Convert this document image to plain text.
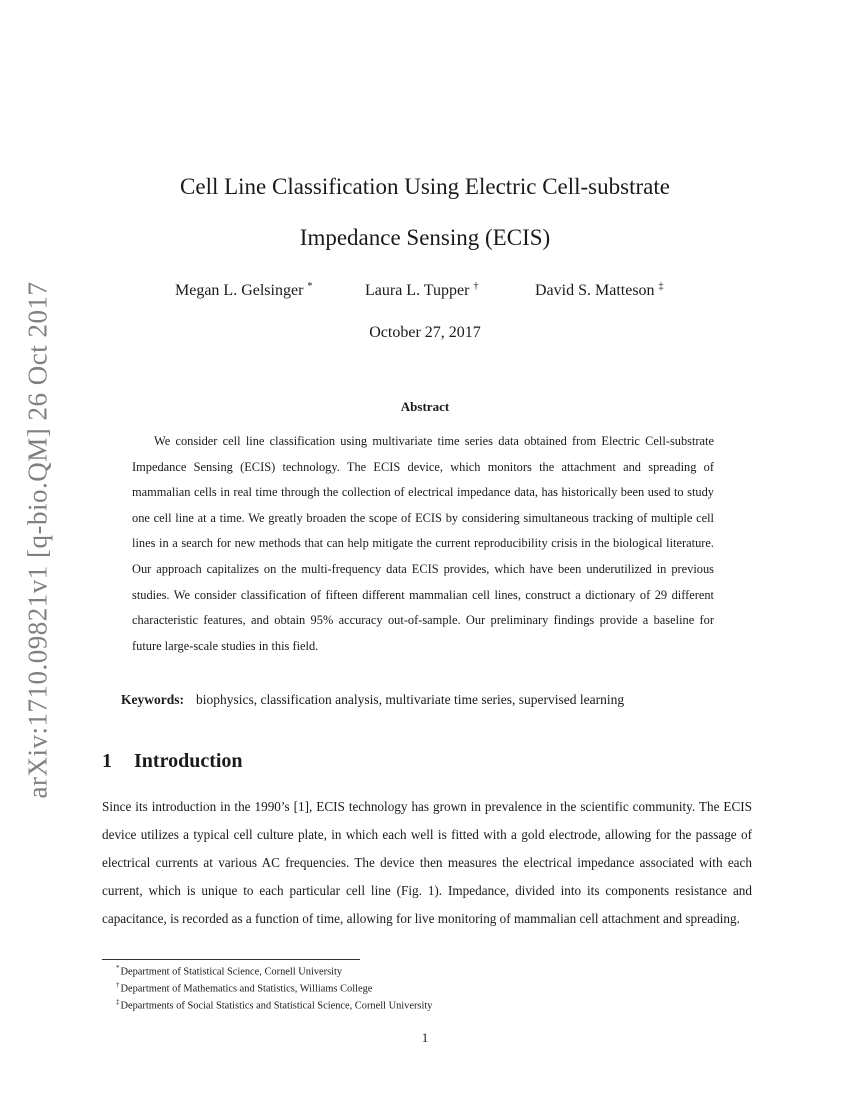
arXiv:1710.09821v1 [q-bio.QM] 26 Oct 2017
Cell Line Classification Using Electric Cell-substrate
Impedance Sensing (ECIS)
Megan L. Gelsinger *	Laura L. Tupper †	David S. Matteson ‡
October 27, 2017
Abstract
We consider cell line classification using multivariate time series data obtained from Electric Cell-substrate Impedance Sensing (ECIS) technology. The ECIS device, which monitors the attachment and spreading of mammalian cells in real time through the collection of electrical impedance data, has historically been used to study one cell line at a time. We greatly broaden the scope of ECIS by considering simultaneous tracking of multiple cell lines in a search for new methods that can help mitigate the current reproducibility crisis in the biological literature. Our approach capitalizes on the multi-frequency data ECIS provides, which have been underutilized in previous studies. We consider classification of fifteen different mammalian cell lines, construct a dictionary of 29 different characteristic features, and obtain 95% accuracy out-of-sample. Our preliminary findings provide a baseline for future large-scale studies in this field.
Keywords: biophysics, classification analysis, multivariate time series, supervised learning
1 Introduction
Since its introduction in the 1990’s [1], ECIS technology has grown in prevalence in the scientific community. The ECIS device utilizes a typical cell culture plate, in which each well is fitted with a gold electrode, allowing for the passage of electrical currents at various AC frequencies. The device then measures the electrical impedance associated with each current, which is unique to each particular cell line (Fig. 1). Impedance, divided into its components resistance and capacitance, is recorded as a function of time, allowing for live monitoring of mammalian cell attachment and spreading.
*Department of Statistical Science, Cornell University
†Department of Mathematics and Statistics, Williams College
‡Departments of Social Statistics and Statistical Science, Cornell University
1
